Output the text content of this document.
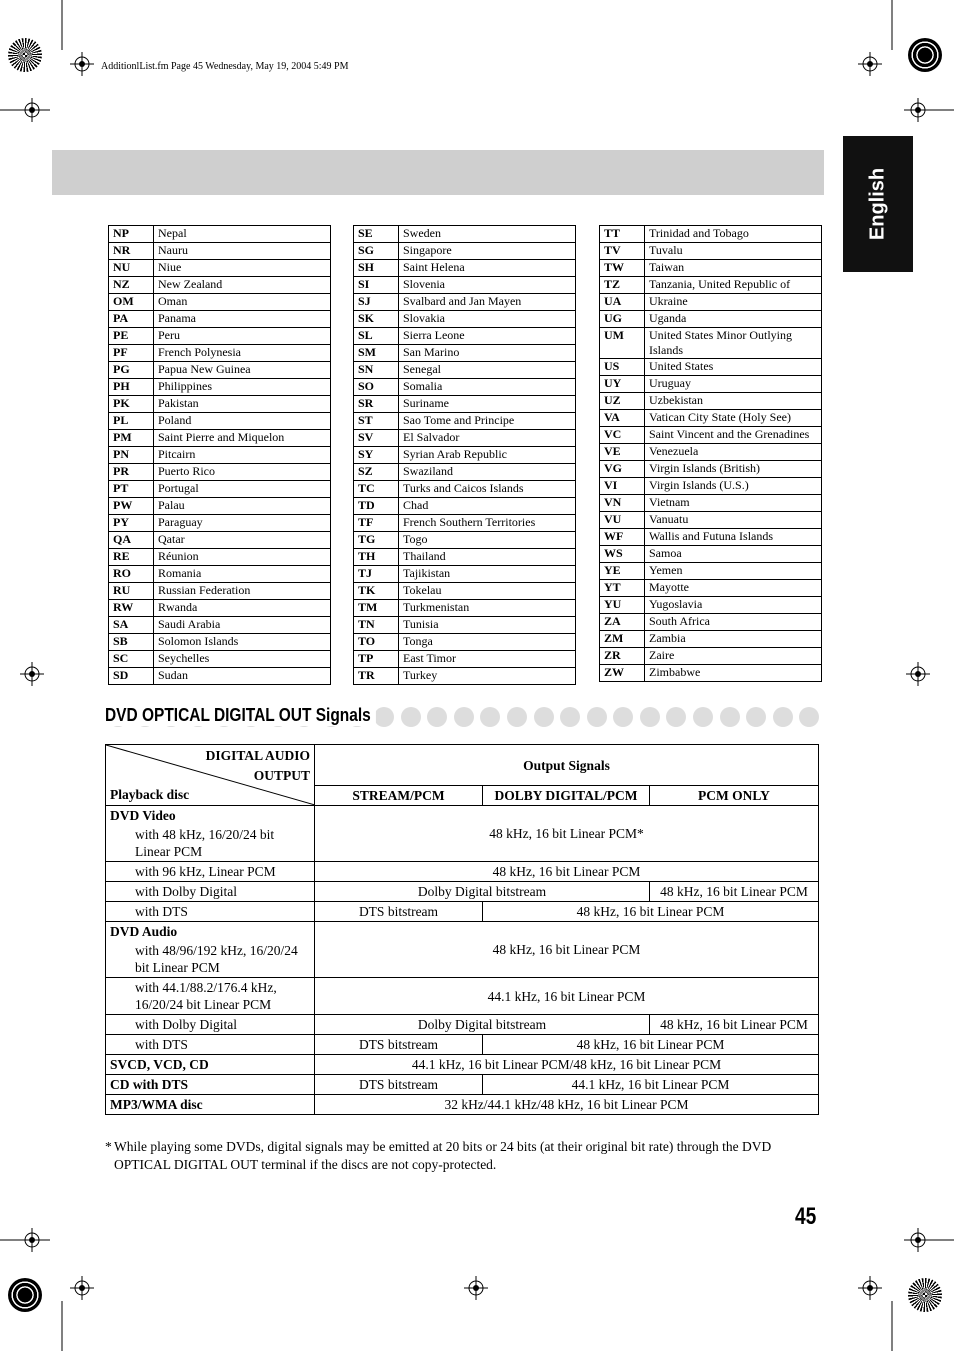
AdditionlList.fm Page 45 Wednesday, May 19, 2004 5:49 PM
English
NP	Nepal
NR	Nauru
NU	Niue
NZ	New Zealand
OM	Oman
PA	Panama
PE	Peru
PF	French Polynesia
PG	Papua New Guinea
PH	Philippines
PK	Pakistan
PL	Poland
PM	Saint Pierre and Miquelon
PN	Pitcairn
PR	Puerto Rico
PT	Portugal
PW	Palau
PY	Paraguay
QA	Qatar
RE	Réunion
RO	Romania
RU	Russian Federation
RW	Rwanda
SA	Saudi Arabia
SB	Solomon Islands
SC	Seychelles
SD	Sudan
SE	Sweden
SG	Singapore
SH	Saint Helena
SI	Slovenia
SJ	Svalbard and Jan Mayen
SK	Slovakia
SL	Sierra Leone
SM	San Marino
SN	Senegal
SO	Somalia
SR	Suriname
ST	Sao Tome and Principe
SV	El Salvador
SY	Syrian Arab Republic
SZ	Swaziland
TC	Turks and Caicos Islands
TD	Chad
TF	French Southern Territories
TG	Togo
TH	Thailand
TJ	Tajikistan
TK	Tokelau
TM	Turkmenistan
TN	Tunisia
TO	Tonga
TP	East Timor
TR	Turkey
TT	Trinidad and Tobago
TV	Tuvalu
TW	Taiwan
TZ	Tanzania, United Republic of
UA	Ukraine
UG	Uganda
UM	United States Minor Outlying Islands
US	United States
UY	Uruguay
UZ	Uzbekistan
VA	Vatican City State (Holy See)
VC	Saint Vincent and the Grenadines
VE	Venezuela
VG	Virgin Islands (British)
VI	Virgin Islands (U.S.)
VN	Vietnam
VU	Vanuatu
WF	Wallis and Futuna Islands
WS	Samoa
YE	Yemen
YT	Mayotte
YU	Yugoslavia
ZA	South Africa
ZM	Zambia
ZR	Zaire
ZW	Zimbabwe
DVD OPTICAL DIGITAL OUT Signals
DIGITAL AUDIO
OUTPUT
Playback disc	Output Signals		
	STREAM/PCM	DOLBY DIGITAL/PCM	PCM ONLY
DVD Video	48 kHz, 16 bit Linear PCM*		
with 48 kHz, 16/20/24 bit Linear PCM			
with 96 kHz, Linear PCM	48 kHz, 16 bit Linear PCM		
with Dolby Digital	Dolby Digital bitstream		48 kHz, 16 bit Linear PCM
with DTS	DTS bitstream	48 kHz, 16 bit Linear PCM	
DVD Audio	48 kHz, 16 bit Linear PCM		
with 48/96/192 kHz, 16/20/24 bit Linear PCM			
with 44.1/88.2/176.4 kHz, 16/20/24 bit Linear PCM	44.1 kHz, 16 bit Linear PCM		
with Dolby Digital	Dolby Digital bitstream		48 kHz, 16 bit Linear PCM
with DTS	DTS bitstream	48 kHz, 16 bit Linear PCM	
SVCD, VCD, CD	44.1 kHz, 16 bit Linear PCM/48 kHz, 16 bit Linear PCM		
CD with DTS	DTS bitstream	44.1 kHz, 16 bit Linear PCM	
MP3/WMA disc	32 kHz/44.1 kHz/48 kHz, 16 bit Linear PCM		
* While playing some DVDs, digital signals may be emitted at 20 bits or 24 bits (at their original bit rate) through the DVD OPTICAL DIGITAL OUT terminal if the discs are not copy-protected.
45
